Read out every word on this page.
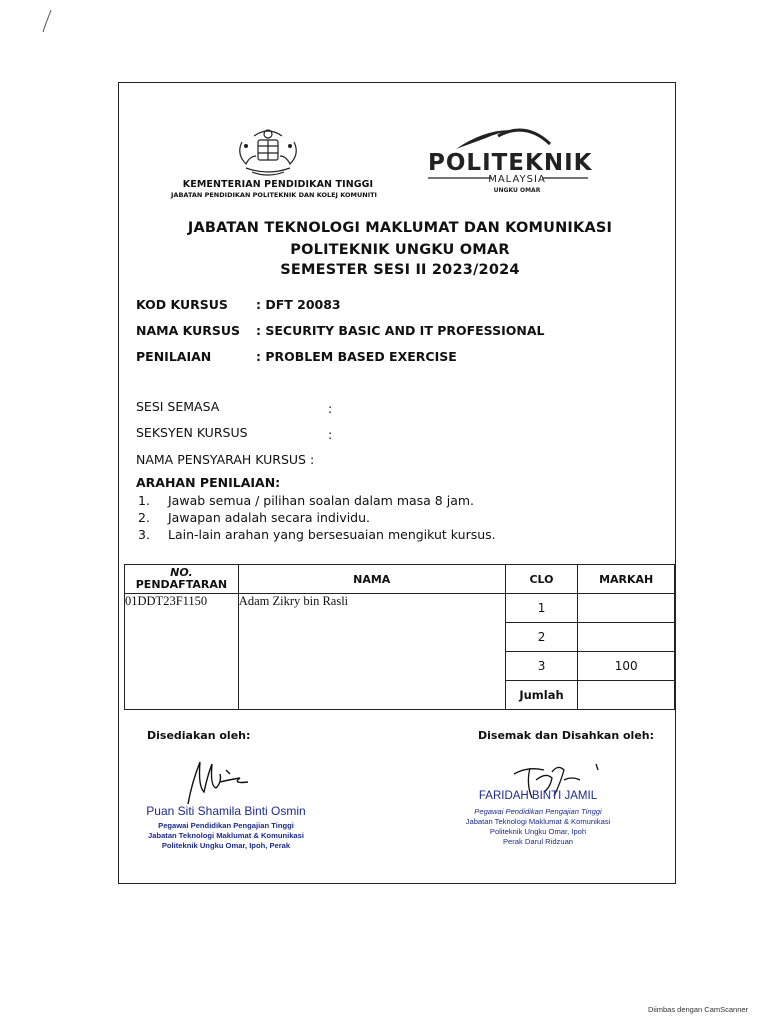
KEMENTERIAN PENDIDIKAN TINGGI
JABATAN PENDIDIKAN POLITEKNIK DAN KOLEJ KOMUNITI
POLITEKNIK
MALAYSIA
UNGKU OMAR
JABATAN TEKNOLOGI MAKLUMAT DAN KOMUNIKASI
POLITEKNIK UNGKU OMAR
SEMESTER SESI II 2023/2024
KOD KURSUS : DFT 20083
NAMA KURSUS : SECURITY BASIC AND IT PROFESSIONAL
PENILAIAN	: PROBLEM BASED EXERCISE
SESI SEMASA	:
SEKSYEN KURSUS	:
NAMA PENSYARAH KURSUS :
ARAHAN PENILAIAN:
1. Jawab semua / pilihan soalan dalam masa 8 jam.
2. Jawapan adalah secara individu.
3. Lain-lain arahan yang bersesuaian mengikut kursus.
NO.
PENDAFTARAN	NAMA	CLO	MARKAH
01DDT23F1150	Adam Zikry bin Rasli	1	
		2	
		3	100
		Jumlah	
Disediakan oleh:	Disemak dan Disahkan oleh:
Puan Siti Shamila Binti Osmin
Pegawai Pendidikan Pengajian Tinggi
Jabatan Teknologi Maklumat & Komunikasi
Politeknik Ungku Omar, Ipoh, Perak
FARIDAH BINTI JAMIL
Pegawai Pendidikan Pengajian Tinggi
Jabatan Teknologi Maklumat & Komunikasi
Politeknik Ungku Omar, Ipoh
Perak Darul Ridzuan
Diimbas dengan CamScanner
